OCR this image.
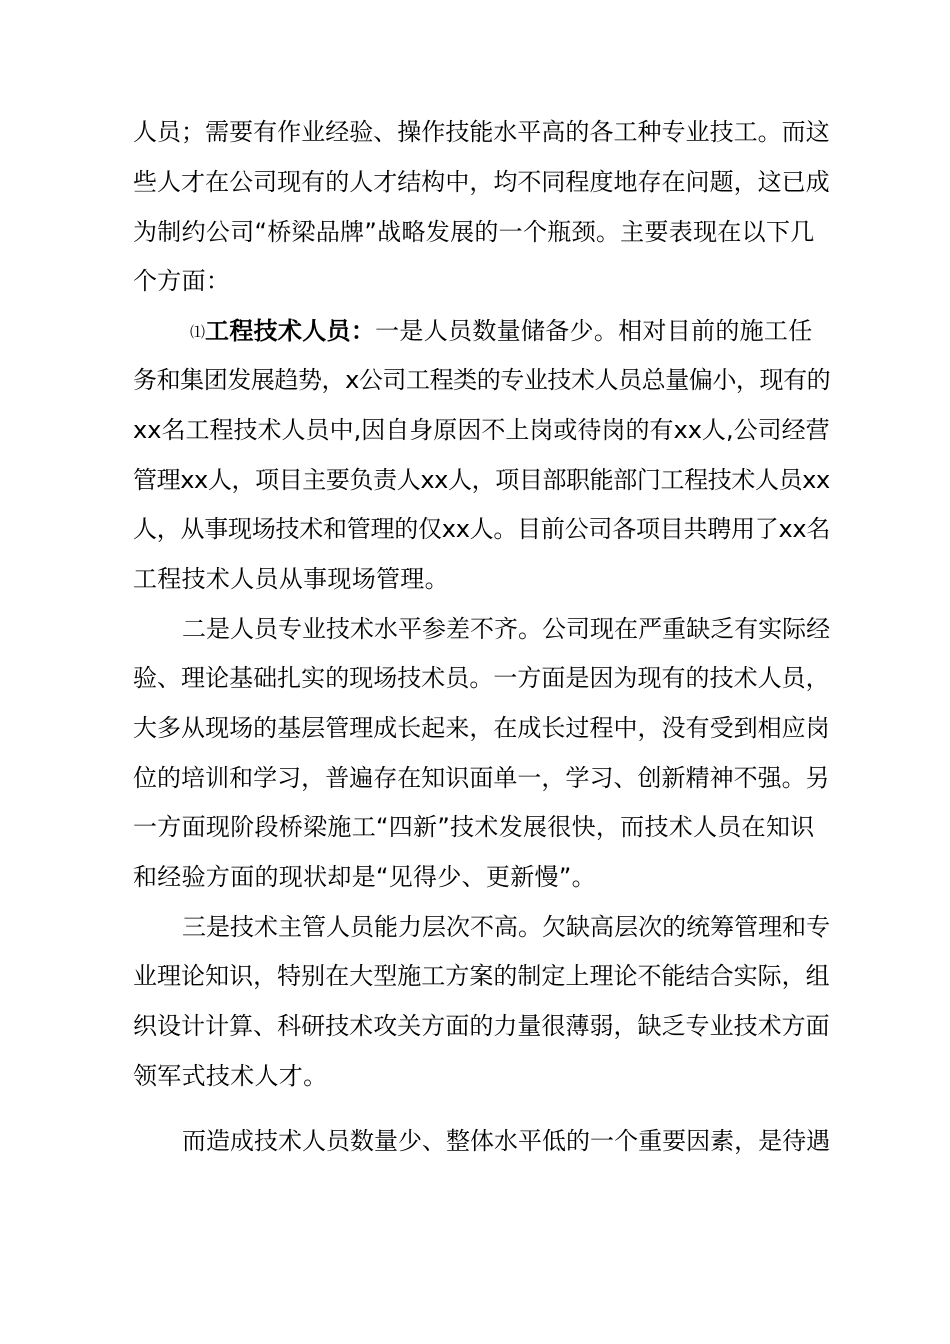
人员；需要有作业经验、操作技能水平高的各工种专业技工。而这
些人才在公司现有的人才结构中，均不同程度地存在问题，这已成
为制约公司“桥梁品牌”战略发展的一个瓶颈。主要表现在以下几
个方面：
⑴工程技术人员：一是人员数量储备少。相对目前的施工任
务和集团发展趋势，x公司工程类的专业技术人员总量偏小，现有的
xx名工程技术人员中,因自身原因不上岗或待岗的有xx人,公司经营
管理xx人，项目主要负责人xx人，项目部职能部门工程技术人员xx
人，从事现场技术和管理的仅xx人。目前公司各项目共聘用了xx名
工程技术人员从事现场管理。
二是人员专业技术水平参差不齐。公司现在严重缺乏有实际经
验、理论基础扎实的现场技术员。一方面是因为现有的技术人员，
大多从现场的基层管理成长起来，在成长过程中，没有受到相应岗
位的培训和学习，普遍存在知识面单一，学习、创新精神不强。另
一方面现阶段桥梁施工“四新”技术发展很快，而技术人员在知识
和经验方面的现状却是“见得少、更新慢”。
三是技术主管人员能力层次不高。欠缺高层次的统筹管理和专
业理论知识，特别在大型施工方案的制定上理论不能结合实际，组
织设计计算、科研技术攻关方面的力量很薄弱，缺乏专业技术方面
领军式技术人才。
而造成技术人员数量少、整体水平低的一个重要因素，是待遇
